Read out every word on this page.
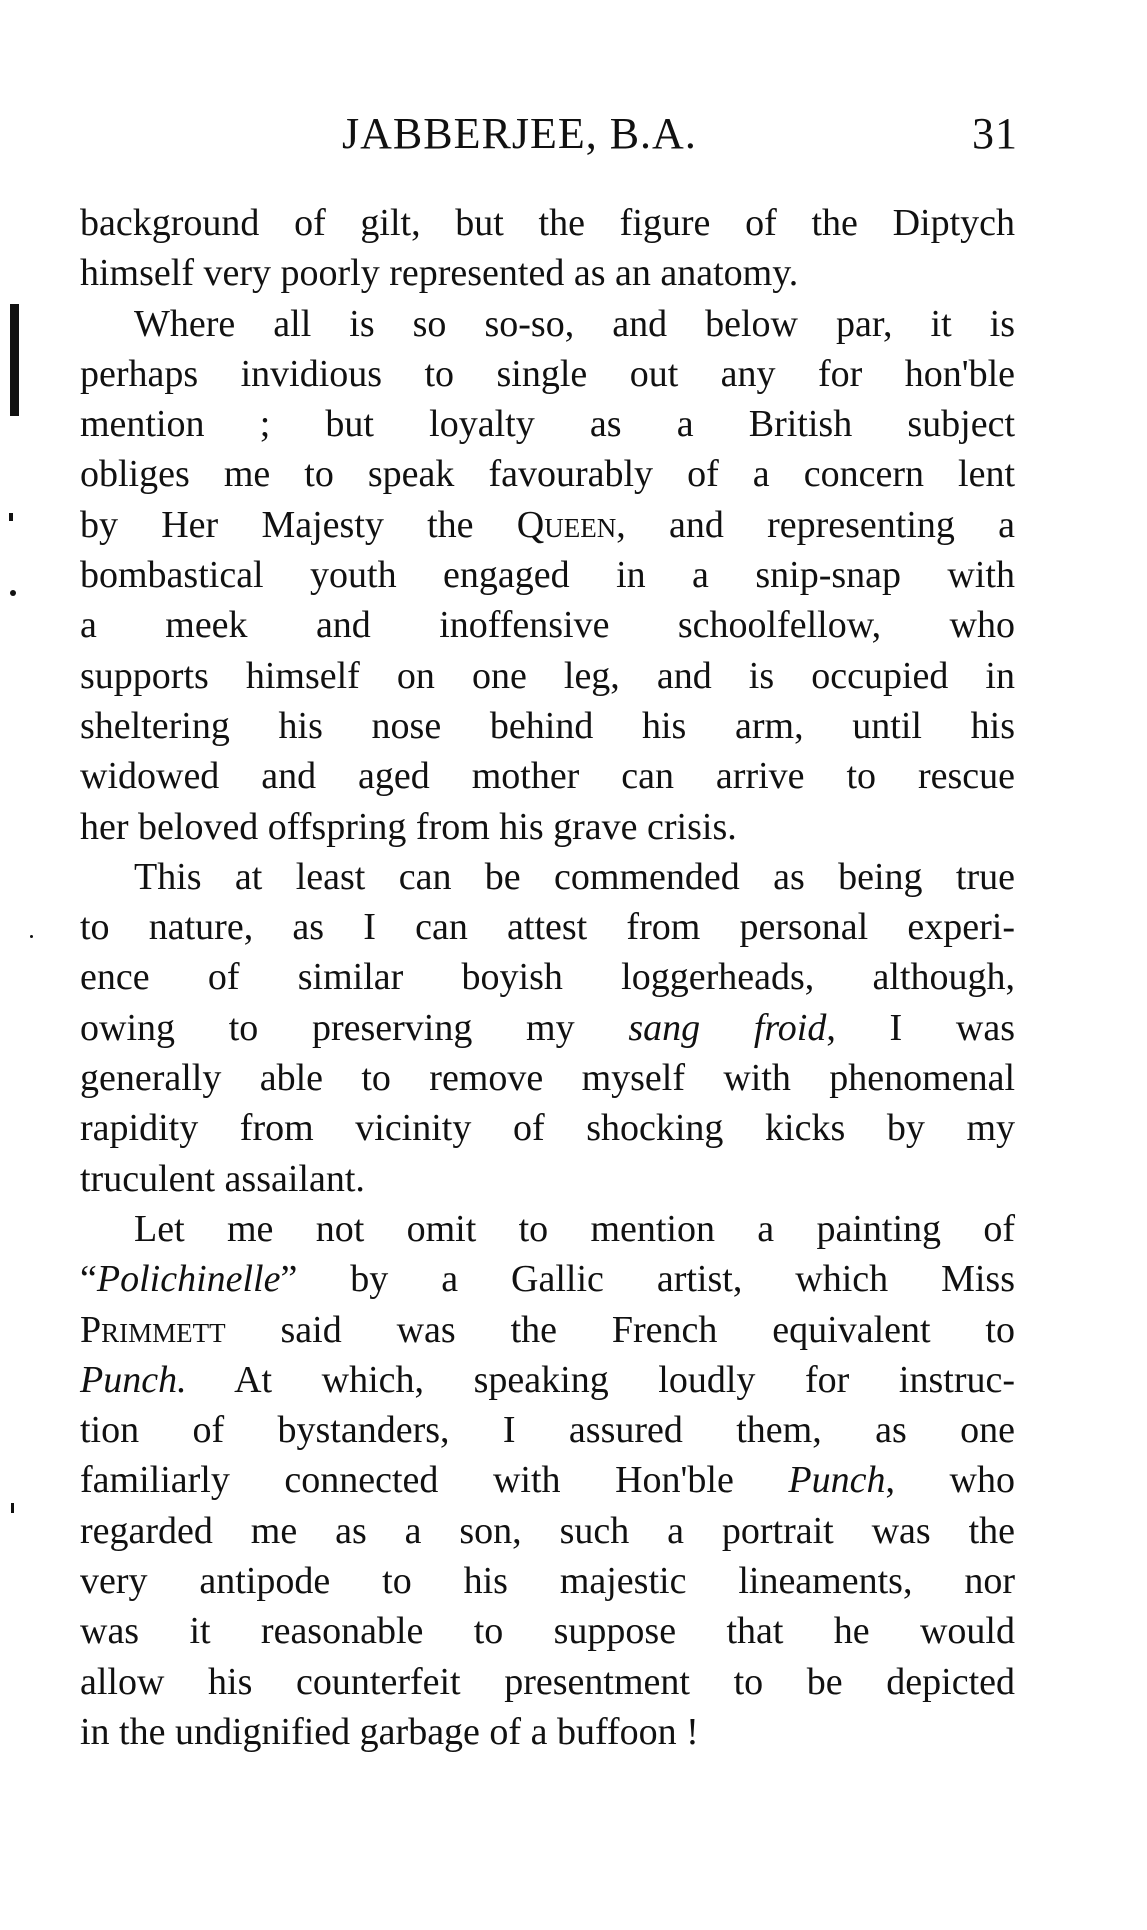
JABBERJEE, B.A.	31

background of gilt, but the figure of the Diptych

himself very poorly represented as an anatomy.

Where all is so so-so, and below par, it is

perhaps invidious to single out any for hon'ble

mention ; but loyalty as a British subject

obliges me to speak favourably of a concern lent

by Her Majesty the Queen, and representing a

bombastical youth engaged in a snip-snap with

a meek and inoffensive schoolfellow, who

supports himself on one leg, and is occupied in

sheltering his nose behind his arm, until his

widowed and aged mother can arrive to rescue

her beloved offspring from his grave crisis.

This at least can be commended as being true

to nature, as I can attest from personal experi-

ence of similar boyish loggerheads, although,

owing to preserving my sang froid, I was

generally able to remove myself with phenomenal

rapidity from vicinity of shocking kicks by my

truculent assailant.

Let me not omit to mention a painting of

“Polichinelle” by a Gallic artist, which Miss

Primmett said was the French equivalent to

Punch. At which, speaking loudly for instruc-

tion of bystanders, I assured them, as one

familiarly connected with Hon'ble Punch, who

regarded me as a son, such a portrait was the

very antipode to his majestic lineaments, nor

was it reasonable to suppose that he would

allow his counterfeit presentment to be depicted

in the undignified garbage of a buffoon !
